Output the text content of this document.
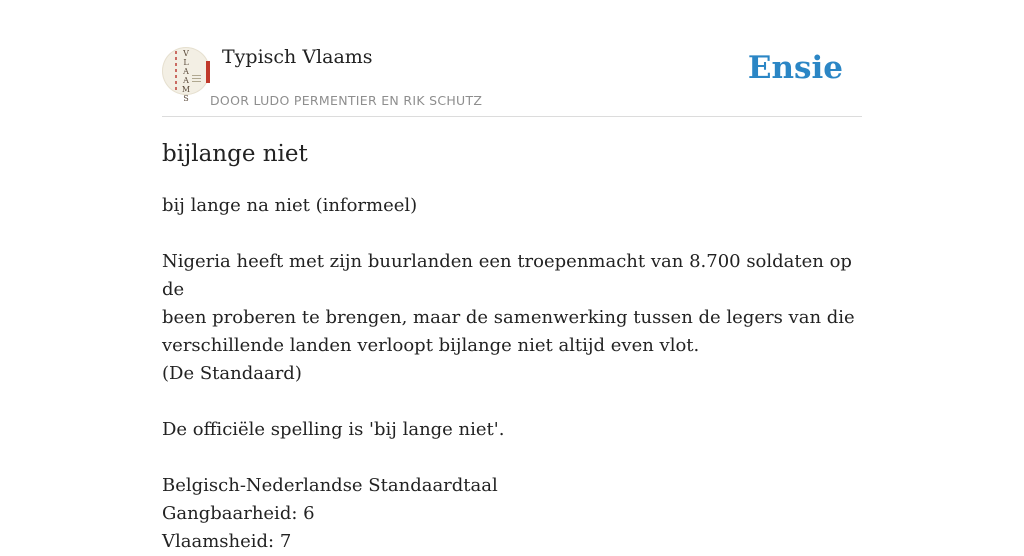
V
L
A
A
M
S
Typisch Vlaams
DOOR LUDO PERMENTIER EN RIK SCHUTZ
Ensie
bijlange niet

bij lange na niet (informeel)

Nigeria heeft met zijn buurlanden een troepenmacht van 8.700 soldaten op de

been proberen te brengen, maar de samenwerking tussen de legers van die

verschillende landen verloopt bijlange niet altijd even vlot.

(De Standaard)

De officiële spelling is 'bij lange niet'.

Belgisch-Nederlandse Standaardtaal

Gangbaarheid: 6

Vlaamsheid: 7
